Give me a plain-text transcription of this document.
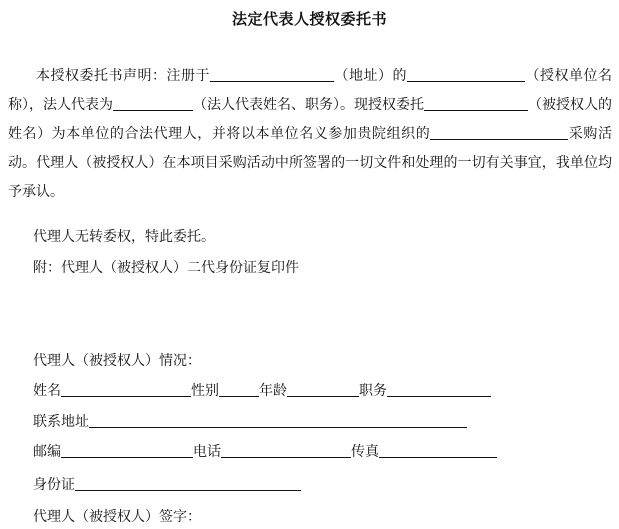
法定代表人授权委托书
本授权委托书声明：注册于	（地址）的	（授权单位名称），法人代表为	（法人代表姓名、职务）。现授权委托	（被授权人的姓名）为本单位的合法代理人，并将以本单位名义参加贵院组织的	采购活动。代理人（被授权人）在本项目采购活动中所签署的一切文件和处理的一切有关事宜，我单位均予承认。
代理人无转委权，特此委托。
附：代理人（被授权人）二代身份证复印件
代理人（被授权人）情况：
姓名	性别	年龄	职务
联系地址
邮编	电话	传真
身份证
代理人（被授权人）签字：
